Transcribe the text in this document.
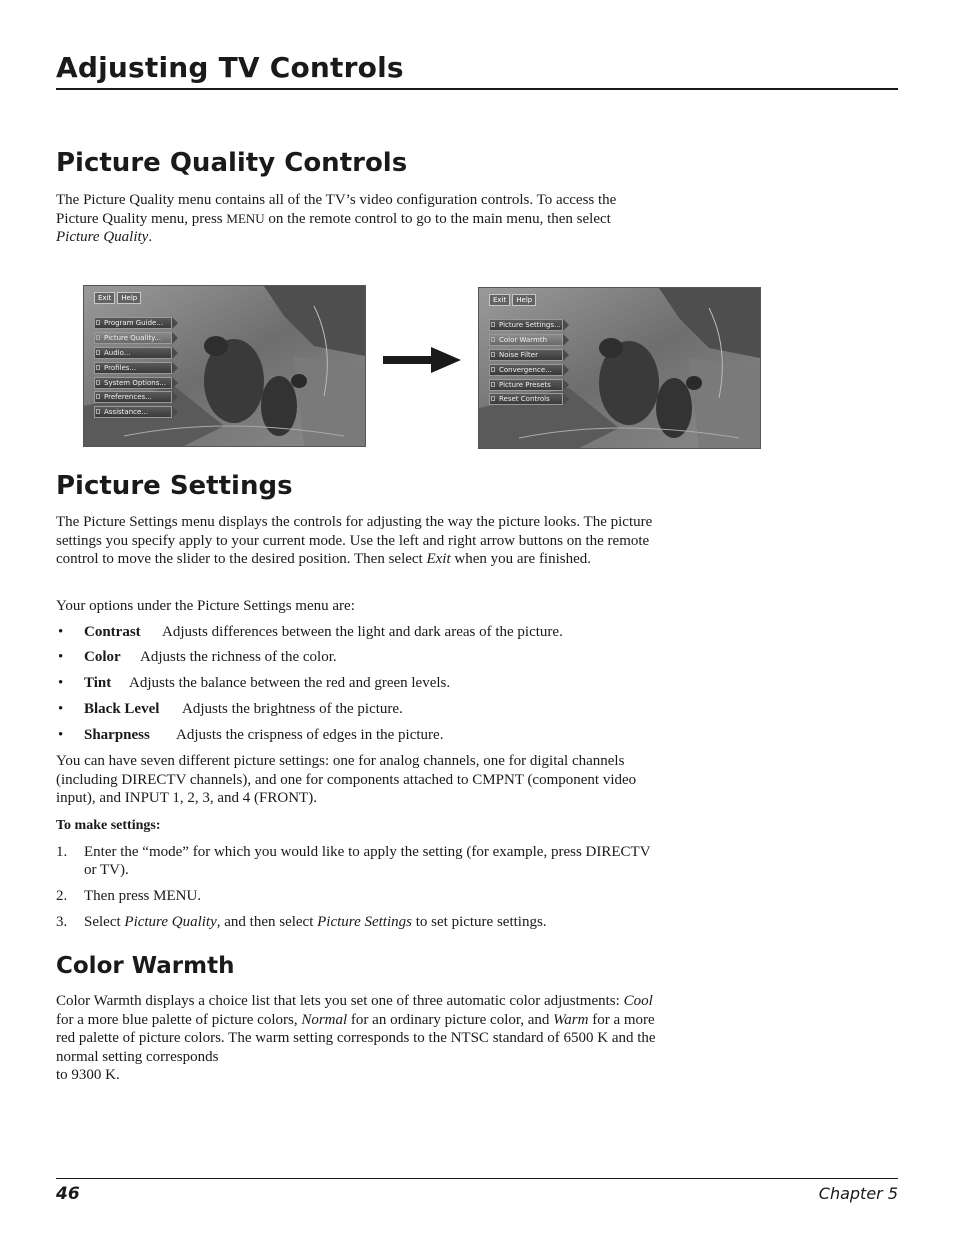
Adjusting TV Controls
Picture Quality Controls

The Picture Quality menu contains all of the TV’s video configuration controls. To access the Picture Quality menu, press MENU on the remote control to go to the main menu, then select Picture Quality.

Exit	Help
Program Guide...
Picture Quality...
Audio...
Profiles...
System Options...
Preferences...
Assistance...
Exit	Help
Picture Settings...
Color Warmth
Noise Filter
Convergence...
Picture Presets
Reset Controls
Picture Settings

The Picture Settings menu displays the controls for adjusting the way the picture looks. The picture settings you specify apply to your current mode. Use the left and right arrow buttons on the remote control to move the slider to the desired position. Then select Exit when you are finished.

Your options under the Picture Settings menu are:

• Contrast Adjusts differences between the light and dark areas of the picture.
• Color Adjusts the richness of the color.
• Tint Adjusts the balance between the red and green levels.
• Black Level Adjusts the brightness of the picture.
• Sharpness Adjusts the crispness of edges in the picture.

You can have seven different picture settings: one for analog channels, one for digital channels (including DIRECTV channels), and one for components attached to CMPNT (component video input), and INPUT 1, 2, 3, and 4 (FRONT).

To make settings:

1. Enter the “mode” for which you would like to apply the setting (for example, press DIRECTV or TV).
2. Then press MENU.
3. Select Picture Quality, and then select Picture Settings to set picture settings.
Color Warmth

Color Warmth displays a choice list that lets you set one of three automatic color adjustments: Cool for a more blue palette of picture colors, Normal for an ordinary picture color, and Warm for a more red palette of picture colors. The warm setting corresponds to the NTSC standard of 6500 K and the normal setting corresponds
to 9300 K.

46	Chapter 5
